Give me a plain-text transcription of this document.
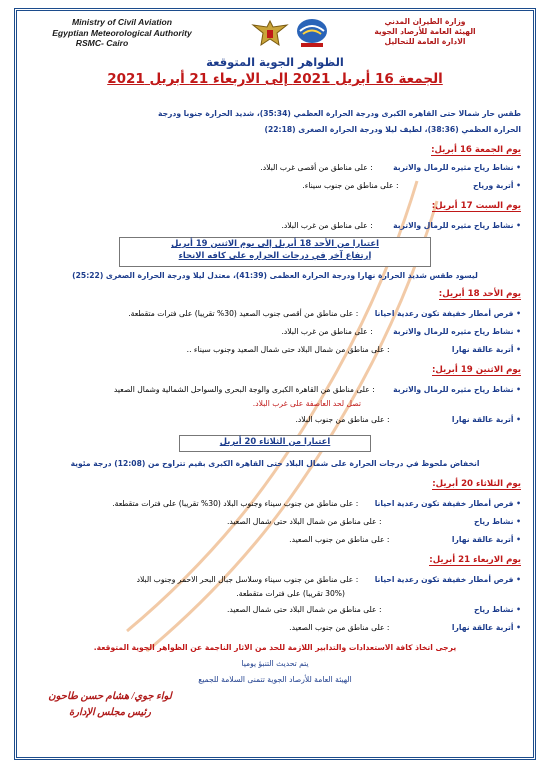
Ministry of Civil Aviation
Egyptian Meteorological Authority
RSMC- Cairo
وزارة الطيران المدني
الهيئة العامة للأرصاد الجوية
الادارة العامة للتحاليل
الظواهر الجوية المتوقعة
الجمعة 16 أبريل 2021 إلى الاربعاء 21 أبريل 2021
طقس حار شمالا حتى القاهره الكبرى ودرجة الحرارة العظمي (35:34)، شديد الحرارة جنوبا ودرجة
الحرارة العظمي (38:36)، لطيف ليلا ودرجة الحرارة الصغرى (22:18)
يوم الجمعة 16 أبريل:
• نشاط رياح مثيره للرمال والاتربة : على مناطق من أقصى غرب البلاد.
• أتربة ورياح : على مناطق من جنوب سيناء.
يوم السبت 17 أبريل:
• نشاط رياح مثيره للرمال والاتربة : على مناطق من غرب البلاد.
اعتبارا من الأحد 18 أبريل إلى يوم الاثنين 19 أبريل
إرتفاع آخر في درجات الحراره على كافه الانحاء
ليسود طقس شديد الحرارة نهارا ودرجة الحرارة العظمى (41:39)، معتدل ليلا ودرجة الحرارة الصغرى (25:22)
يوم الأحد 18 أبريل:
• فرص أمطار خفيفة تكون رعدية احيانا : على مناطق من أقصى جنوب الصعيد (30% تقريبا) على فترات متقطعة.
• نشاط رياح مثيره للرمال والاتربة : على مناطق من غرب البلاد.
• أتربة عالقة نهارا : على مناطق من شمال البلاد حتى شمال الصعيد وجنوب سيناء ..
يوم الاثنين 19 أبريل:
• نشاط رياح مثيره للرمال والاتربة : على مناطق من القاهرة الكبرى والوجة البحرى والسواحل الشمالية وشمال الصعيد
تصل لحد العاصفة على غرب البلاد.
• أتربة عالقة نهارا : على مناطق من جنوب البلاد.
اعتبارا من الثلاثاء 20 أبريل
انخفاض ملحوظ في درجات الحرارة على شمال البلاد حتى القاهرة الكبرى بقيم تتراوح من (12:08) درجة مئوية
يوم الثلاثاء 20 أبريل:
• فرص أمطار خفيفة تكون رعدية احيانا : على مناطق من جنوب سيناء وجنوب البلاد (30% تقريبا) على فترات متقطعة.
• نشاط رياح : على مناطق من شمال البلاد حتى شمال الصعيد.
• أتربة عالقة نهارا : على مناطق من جنوب الصعيد.
يوم الاربعاء 21 أبريل:
• فرص أمطار خفيفة تكون رعدية احيانا : على مناطق من جنوب سيناء وسلاسل جبال البحر الاحمر وجنوب البلاد
(30% تقريبا) على فترات متقطعة.
• نشاط رياح : على مناطق من شمال البلاد حتى شمال الصعيد.
• أتربة عالقة نهارا : على مناطق من جنوب الصعيد.
يرجى اتخاذ كافة الاستعدادات والتدابير اللازمة للحد من الاثار الناجمة عن الظواهر الجوية المتوقعة.
يتم تحديث التنبؤ يوميا
الهيئة العامة للأرصاد الجوية تتمنى السلامة للجميع
لواء جوي/ هشام حسن طاحون
رئيس مجلس الإدارة
